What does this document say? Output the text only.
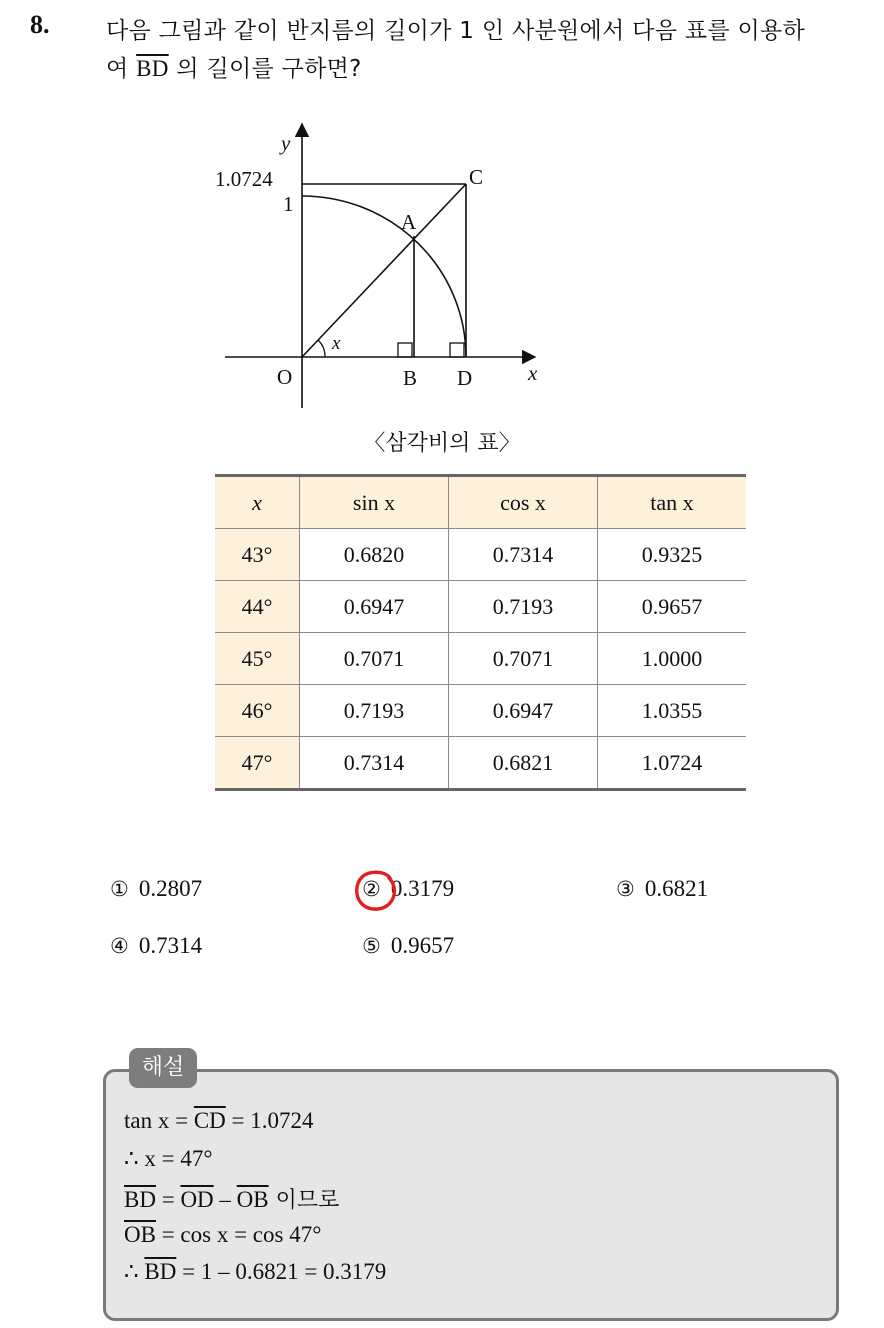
8. 다음 그림과 같이 반지름의 길이가 1 인 사분원에서 다음 표를 이용하
여 $\overline{BD}$ 의 길이를 구하면?
y
x
x
1.0724
1
A
C
O	B D
〈삼각비의 표〉
x	sin x	cos x	tan x
43°	0.6820	0.7314	0.9325
44°	0.6947	0.7193	0.9657
45°	0.7071	0.7071	1.0000
46°	0.7193	0.6947	1.0355
47°	0.7314	0.6821	1.0724
① 0.2807	② 0.3179	③ 0.6821
④ 0.7314	⑤ 0.9657
해설
$\tan x = \overline{CD} = 1.0724$
∴ x = 47°
$\overline{BD} = \overline{OD} - \overline{OB}$ 이므로
$\overline{OB} = \cos x = \cos 47^\circ$
∴ $\overline{BD} = 1 - 0.6821 = 0.3179$
